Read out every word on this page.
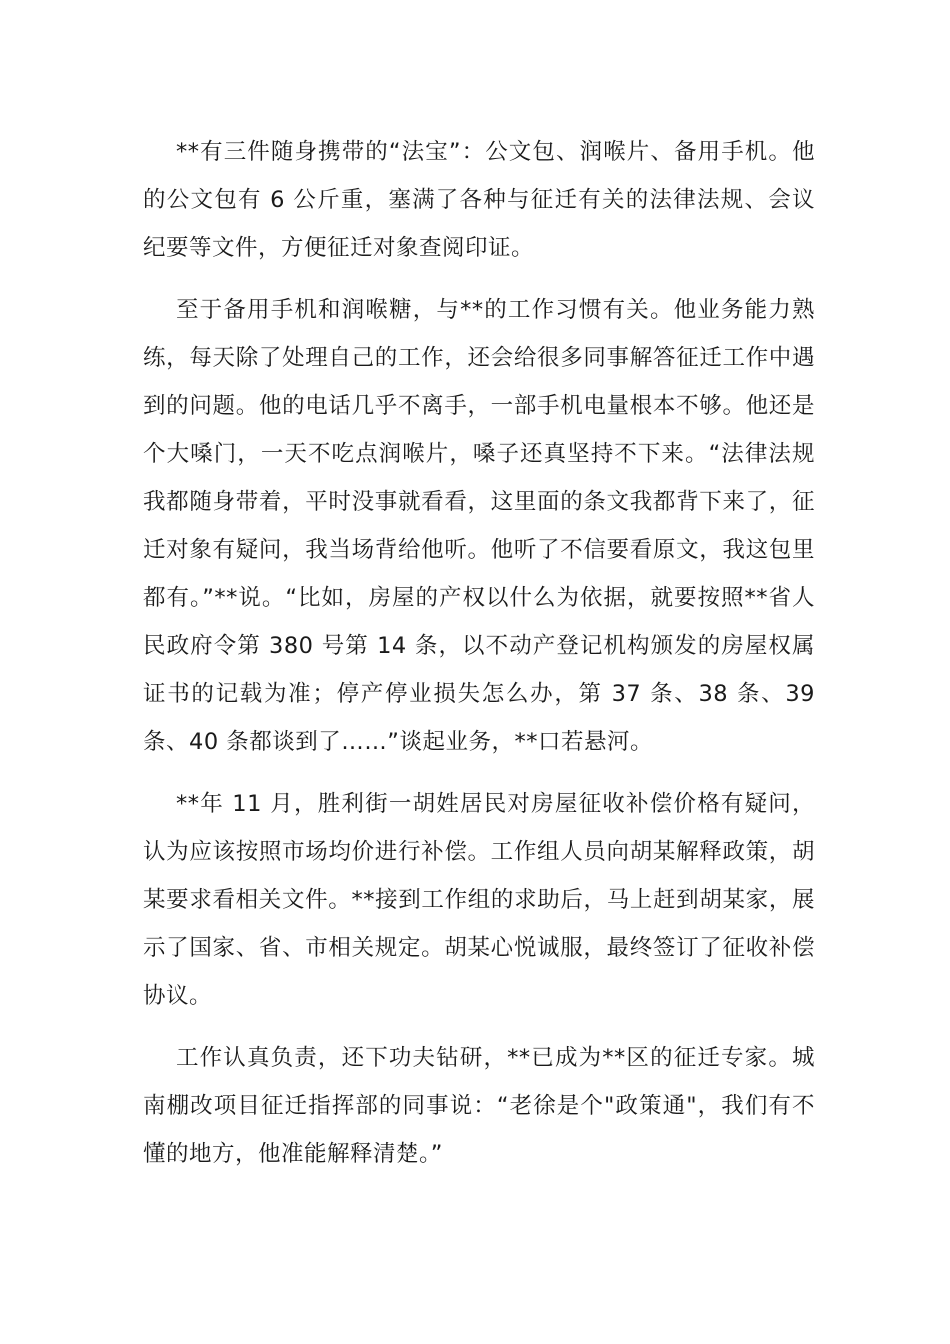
**有三件随身携带的“法宝”：公文包、润喉片、备用手机。他的公文包有 6 公斤重，塞满了各种与征迁有关的法律法规、会议纪要等文件，方便征迁对象查阅印证。

至于备用手机和润喉糖，与**的工作习惯有关。他业务能力熟练，每天除了处理自己的工作，还会给很多同事解答征迁工作中遇到的问题。他的电话几乎不离手，一部手机电量根本不够。他还是个大嗓门，一天不吃点润喉片，嗓子还真坚持不下来。“法律法规我都随身带着，平时没事就看看，这里面的条文我都背下来了，征迁对象有疑问，我当场背给他听。他听了不信要看原文，我这包里都有。”**说。“比如，房屋的产权以什么为依据，就要按照**省人民政府令第 380 号第 14 条，以不动产登记机构颁发的房屋权属证书的记载为准；停产停业损失怎么办，第 37 条、38 条、39 条、40 条都谈到了……”谈起业务，**口若悬河。

**年 11 月，胜利街一胡姓居民对房屋征收补偿价格有疑问，认为应该按照市场均价进行补偿。工作组人员向胡某解释政策，胡某要求看相关文件。**接到工作组的求助后，马上赶到胡某家，展示了国家、省、市相关规定。胡某心悦诚服，最终签订了征收补偿协议。

工作认真负责，还下功夫钻研，**已成为**区的征迁专家。城南棚改项目征迁指挥部的同事说：“老徐是个"政策通"，我们有不懂的地方，他准能解释清楚。”
